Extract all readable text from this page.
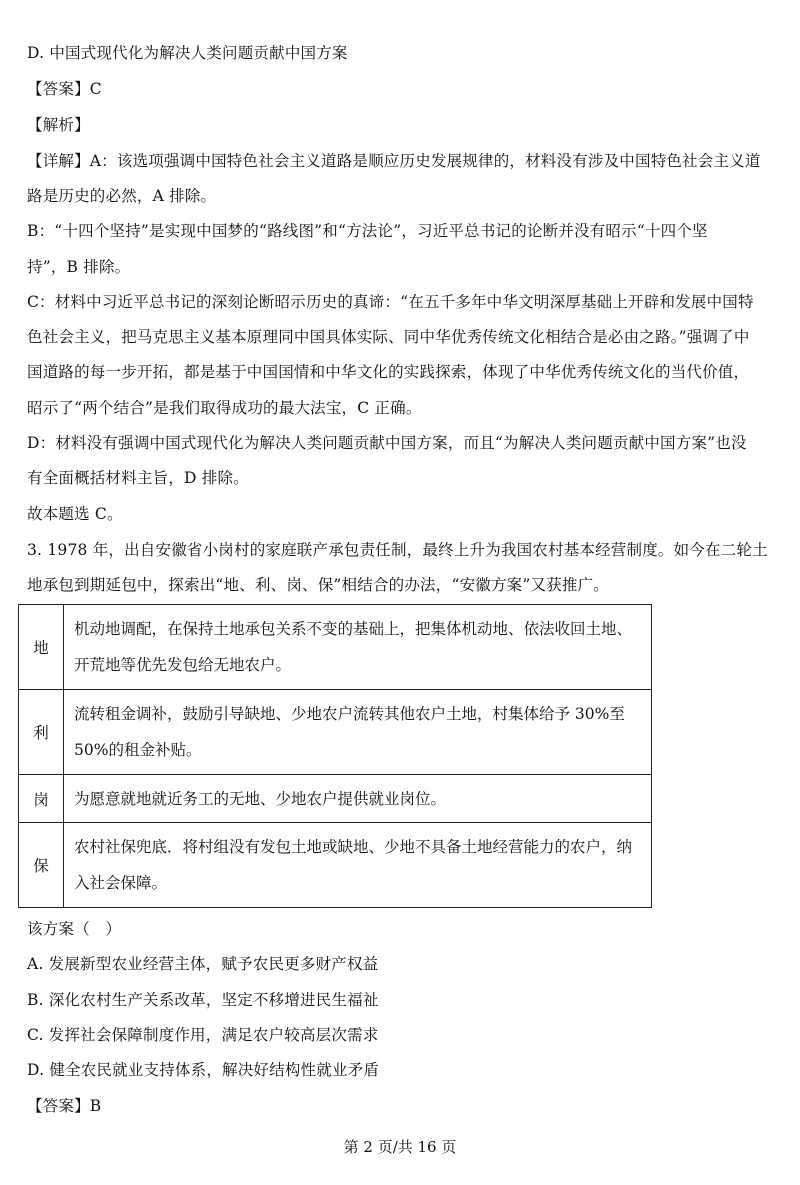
D. 中国式现代化为解决人类问题贡献中国方案
【答案】C
【解析】
【详解】A：该选项强调中国特色社会主义道路是顺应历史发展规律的，材料没有涉及中国特色社会主义道
路是历史的必然，A 排除。
B：“十四个坚持”是实现中国梦的“路线图”和“方法论”，习近平总书记的论断并没有昭示“十四个坚
持”，B 排除。
C：材料中习近平总书记的深刻论断昭示历史的真谛：“在五千多年中华文明深厚基础上开辟和发展中国特
色社会主义，把马克思主义基本原理同中国具体实际、同中华优秀传统文化相结合是必由之路。”强调了中
国道路的每一步开拓，都是基于中国国情和中华文化的实践探索，体现了中华优秀传统文化的当代价值，
昭示了“两个结合”是我们取得成功的最大法宝，C 正确。
D：材料没有强调中国式现代化为解决人类问题贡献中国方案，而且“为解决人类问题贡献中国方案”也没
有全面概括材料主旨，D 排除。
故本题选 C。
3. 1978 年，出自安徽省小岗村的家庭联产承包责任制，最终上升为我国农村基本经营制度。如今在二轮土
地承包到期延包中，探索出“地、利、岗、保”相结合的办法，“安徽方案”又获推广。
地	机动地调配，在保持土地承包关系不变的基础上，把集体机动地、依法收回土地、
开荒地等优先发包给无地农户。

利	流转租金调补，鼓励引导缺地、少地农户流转其他农户土地，村集体给予 30%至
50%的租金补贴。

岗	为愿意就地就近务工的无地、少地农户提供就业岗位。

保	农村社保兜底．将村组没有发包土地或缺地、少地不具备土地经营能力的农户，纳
入社会保障。
该方案（　）
A. 发展新型农业经营主体，赋予农民更多财产权益
B. 深化农村生产关系改革，坚定不移增进民生福祉
C. 发挥社会保障制度作用，满足农户较高层次需求
D. 健全农民就业支持体系，解决好结构性就业矛盾
【答案】B
第 2 页/共 16 页
